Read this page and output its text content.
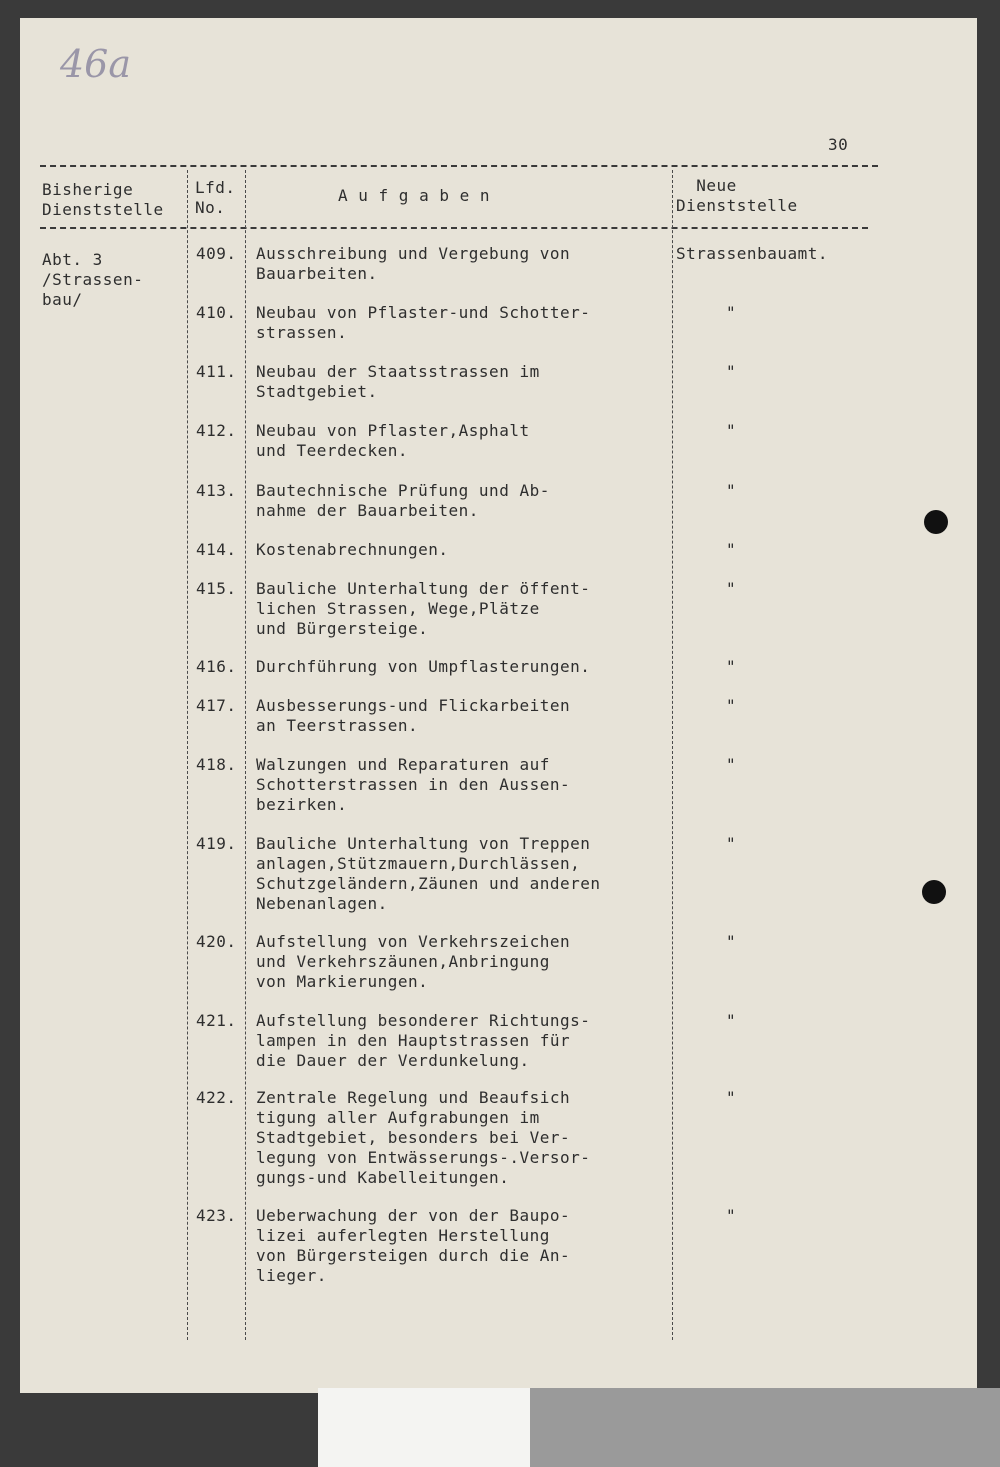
46a
30
Bisherige
Dienststelle
Lfd.
No.
A u f g a b e n
Neue
Dienststelle
Abt. 3
/Strassen-
bau/
409. Ausschreibung und Vergebung von
Bauarbeiten.
Strassenbauamt.
410. Neubau von Pflaster-und Schotter-
strassen.
"
411. Neubau der Staatsstrassen im
Stadtgebiet.
"
412. Neubau von Pflaster,Asphalt
und Teerdecken.
"
413. Bautechnische Prüfung und Ab-
nahme der Bauarbeiten.
"
414. Kostenabrechnungen.	"
415. Bauliche Unterhaltung der öffent-
lichen Strassen, Wege,Plätze
und Bürgersteige.
"
416. Durchführung von Umpflasterungen.	"
417. Ausbesserungs-und Flickarbeiten
an Teerstrassen.
"
418. Walzungen und Reparaturen auf
Schotterstrassen in den Aussen-
bezirken.
"
419. Bauliche Unterhaltung von Treppen
anlagen,Stützmauern,Durchlässen,
Schutzgeländern,Zäunen und anderen
Nebenanlagen.
"
420. Aufstellung von Verkehrszeichen
und Verkehrszäunen,Anbringung
von Markierungen.
"
421. Aufstellung besonderer Richtungs-
lampen in den Hauptstrassen für
die Dauer der Verdunkelung.
"
422. Zentrale Regelung und Beaufsich
tigung aller Aufgrabungen im
Stadtgebiet, besonders bei Ver-
legung von Entwässerungs-.Versor-
gungs-und Kabelleitungen.
"
423. Ueberwachung der von der Baupo-
lizei auferlegten Herstellung
von Bürgersteigen durch die An-
lieger.
"
